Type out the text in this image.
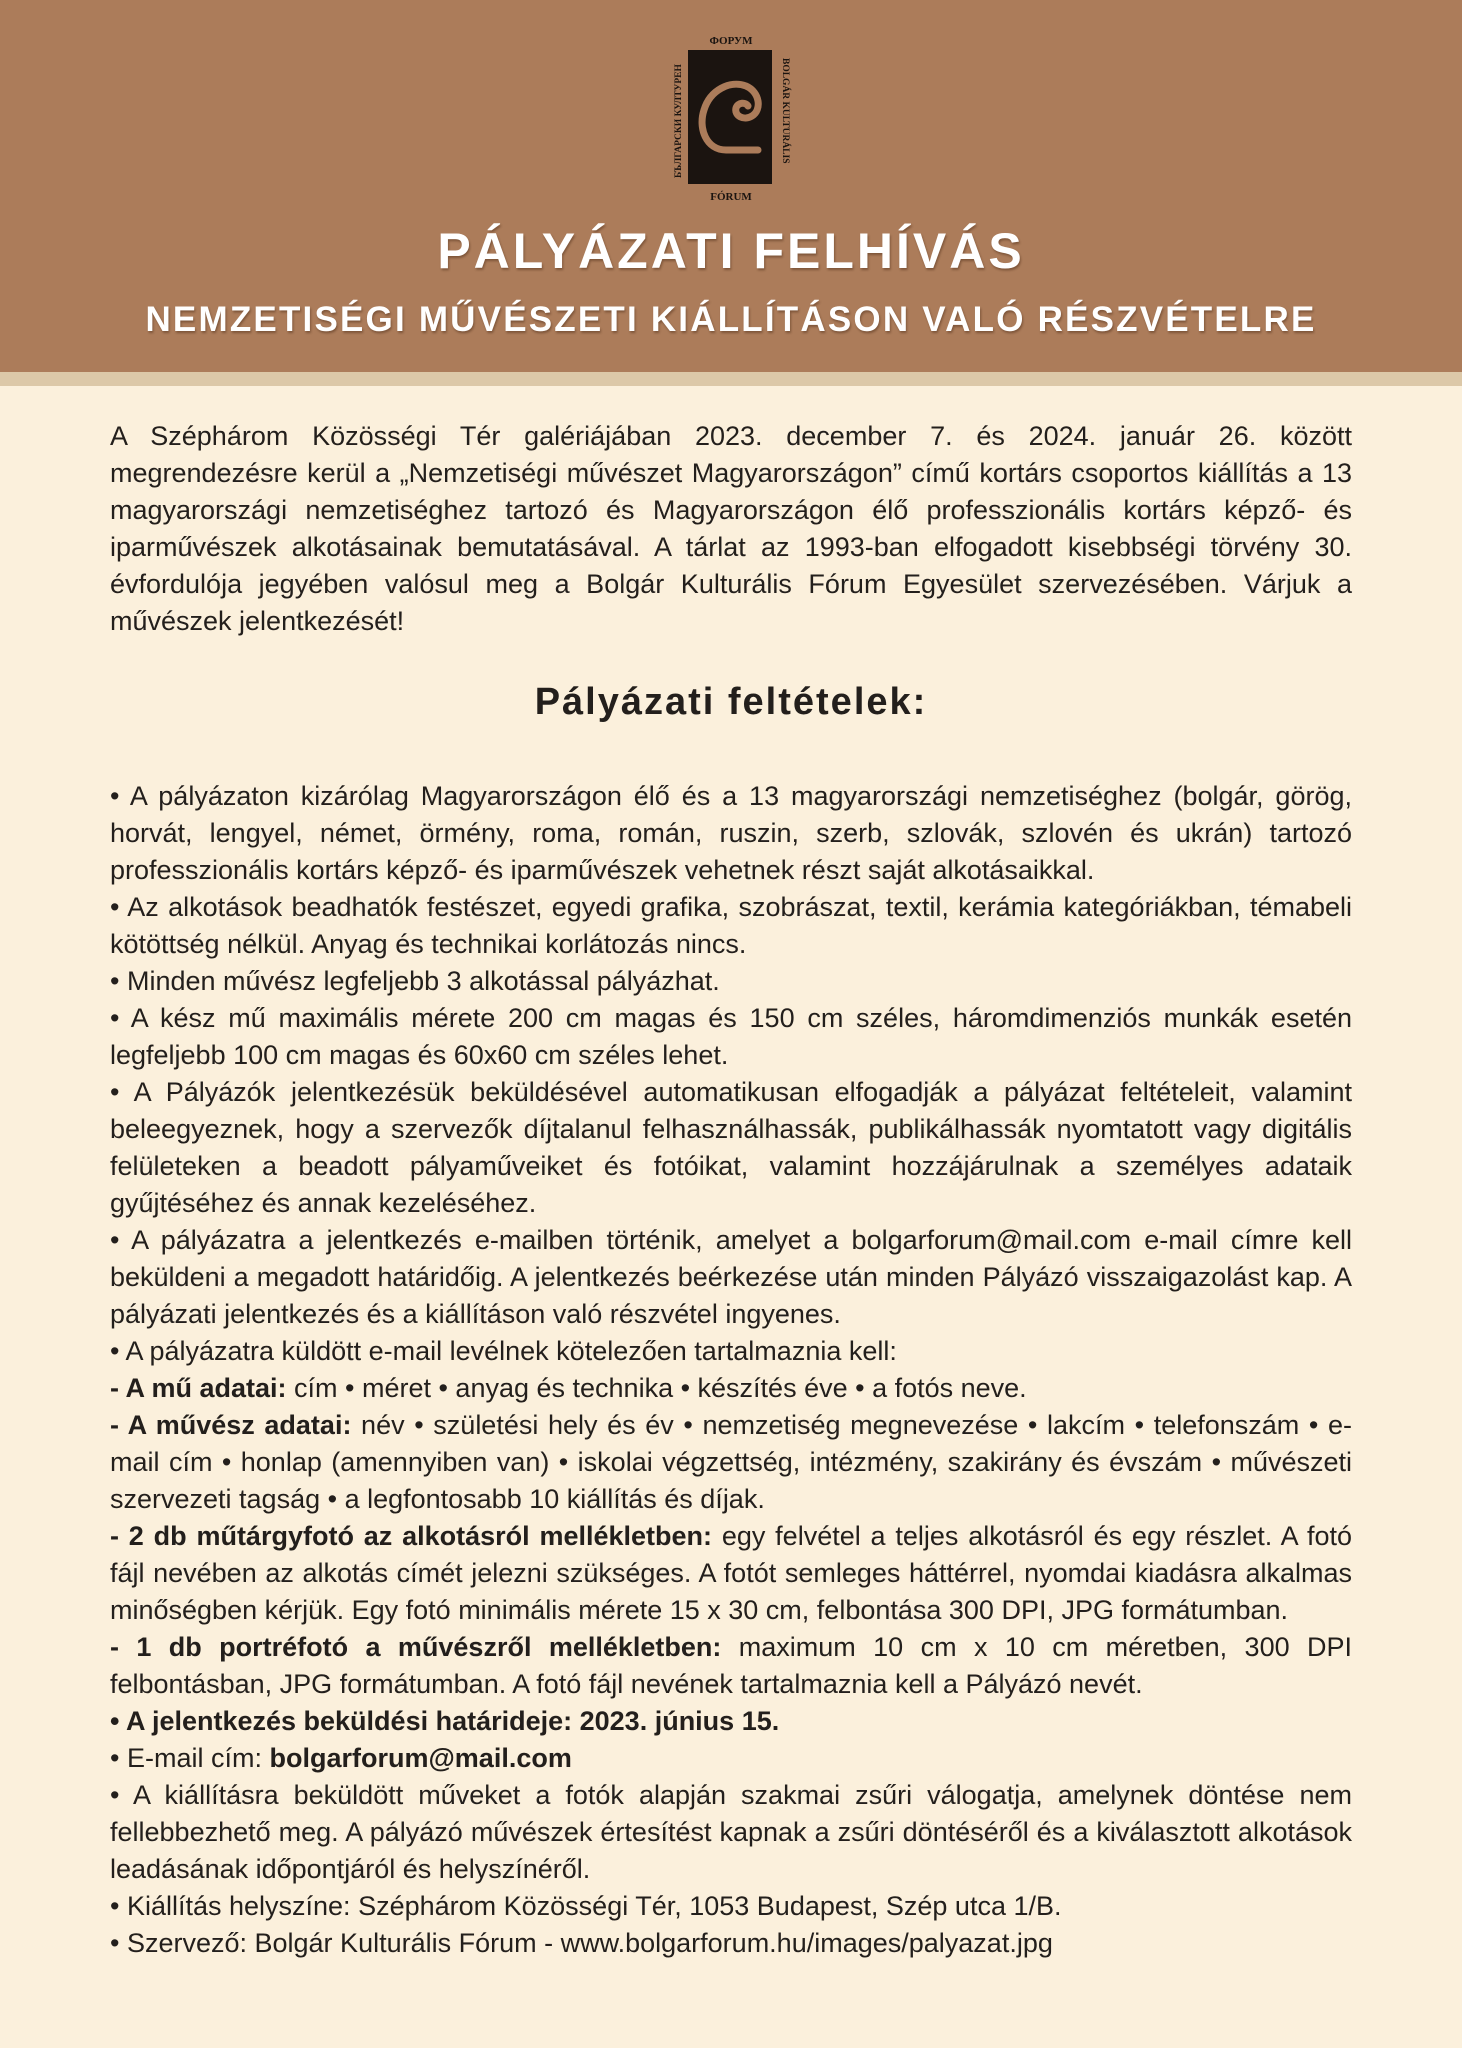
ФОРУМ
БЪЛГАРСКИ КУЛТУРЕН	BOLGÁR KULTURÁLIS
FÓRUM
PÁLYÁZATI FELHÍVÁS
NEMZETISÉGI MŰVÉSZETI KIÁLLÍTÁSON VALÓ RÉSZVÉTELRE

A Széphárom Közösségi Tér galériájában 2023. december 7. és 2024. január 26. között megrendezésre kerül a „Nemzetiségi művészet Magyarországon” című kortárs csoportos kiállítás a 13 magyarországi nemzetiséghez tartozó és Magyarországon élő professzionális kortárs képző- és iparművészek alkotásainak bemutatásával. A tárlat az 1993-ban elfogadott kisebbségi törvény 30. évfordulója jegyében valósul meg a Bolgár Kulturális Fórum Egyesület szervezésében. Várjuk a művészek jelentkezését!

Pályázati feltételek:

• A pályázaton kizárólag Magyarországon élő és a 13 magyarországi nemzetiséghez (bolgár, görög, horvát, lengyel, német, örmény, roma, román, ruszin, szerb, szlovák, szlovén és ukrán) tartozó professzionális kortárs képző- és iparművészek vehetnek részt saját alkotásaikkal.

• Az alkotások beadhatók festészet, egyedi grafika, szobrászat, textil, kerámia kategóriákban, témabeli kötöttség nélkül. Anyag és technikai korlátozás nincs.

• Minden művész legfeljebb 3 alkotással pályázhat.

• A kész mű maximális mérete 200 cm magas és 150 cm széles, háromdimenziós munkák esetén legfeljebb 100 cm magas és 60x60 cm széles lehet.

• A Pályázók jelentkezésük beküldésével automatikusan elfogadják a pályázat feltételeit, valamint beleegyeznek, hogy a szervezők díjtalanul felhasználhassák, publikálhassák nyomtatott vagy digitális felületeken a beadott pályaműveiket és fotóikat, valamint hozzájárulnak a személyes adataik gyűjtéséhez és annak kezeléséhez.

• A pályázatra a jelentkezés e-mailben történik, amelyet a bolgarforum@mail.com e-mail címre kell beküldeni a megadott határidőig. A jelentkezés beérkezése után minden Pályázó visszaigazolást kap. A pályázati jelentkezés és a kiállításon való részvétel ingyenes.

• A pályázatra küldött e-mail levélnek kötelezően tartalmaznia kell:

- A mű adatai: cím • méret • anyag és technika • készítés éve • a fotós neve.

- A művész adatai: név • születési hely és év • nemzetiség megnevezése • lakcím • telefonszám • e-mail cím • honlap (amennyiben van) • iskolai végzettség, intézmény, szakirány és évszám • művészeti szervezeti tagság • a legfontosabb 10 kiállítás és díjak.

- 2 db műtárgyfotó az alkotásról mellékletben: egy felvétel a teljes alkotásról és egy részlet. A fotó fájl nevében az alkotás címét jelezni szükséges. A fotót semleges háttérrel, nyomdai kiadásra alkalmas minőségben kérjük. Egy fotó minimális mérete 15 x 30 cm, felbontása 300 DPI, JPG formátumban.

- 1 db portréfotó a művészről mellékletben: maximum 10 cm x 10 cm méretben, 300 DPI felbontásban, JPG formátumban. A fotó fájl nevének tartalmaznia kell a Pályázó nevét.

• A jelentkezés beküldési határideje: 2023. június 15.

• E-mail cím: bolgarforum@mail.com

• A kiállításra beküldött műveket a fotók alapján szakmai zsűri válogatja, amelynek döntése nem fellebbezhető meg. A pályázó művészek értesítést kapnak a zsűri döntéséről és a kiválasztott alkotások leadásának időpontjáról és helyszínéről.

• Kiállítás helyszíne: Széphárom Közösségi Tér, 1053 Budapest, Szép utca 1/B.

• Szervező: Bolgár Kulturális Fórum - www.bolgarforum.hu/images/palyazat.jpg
